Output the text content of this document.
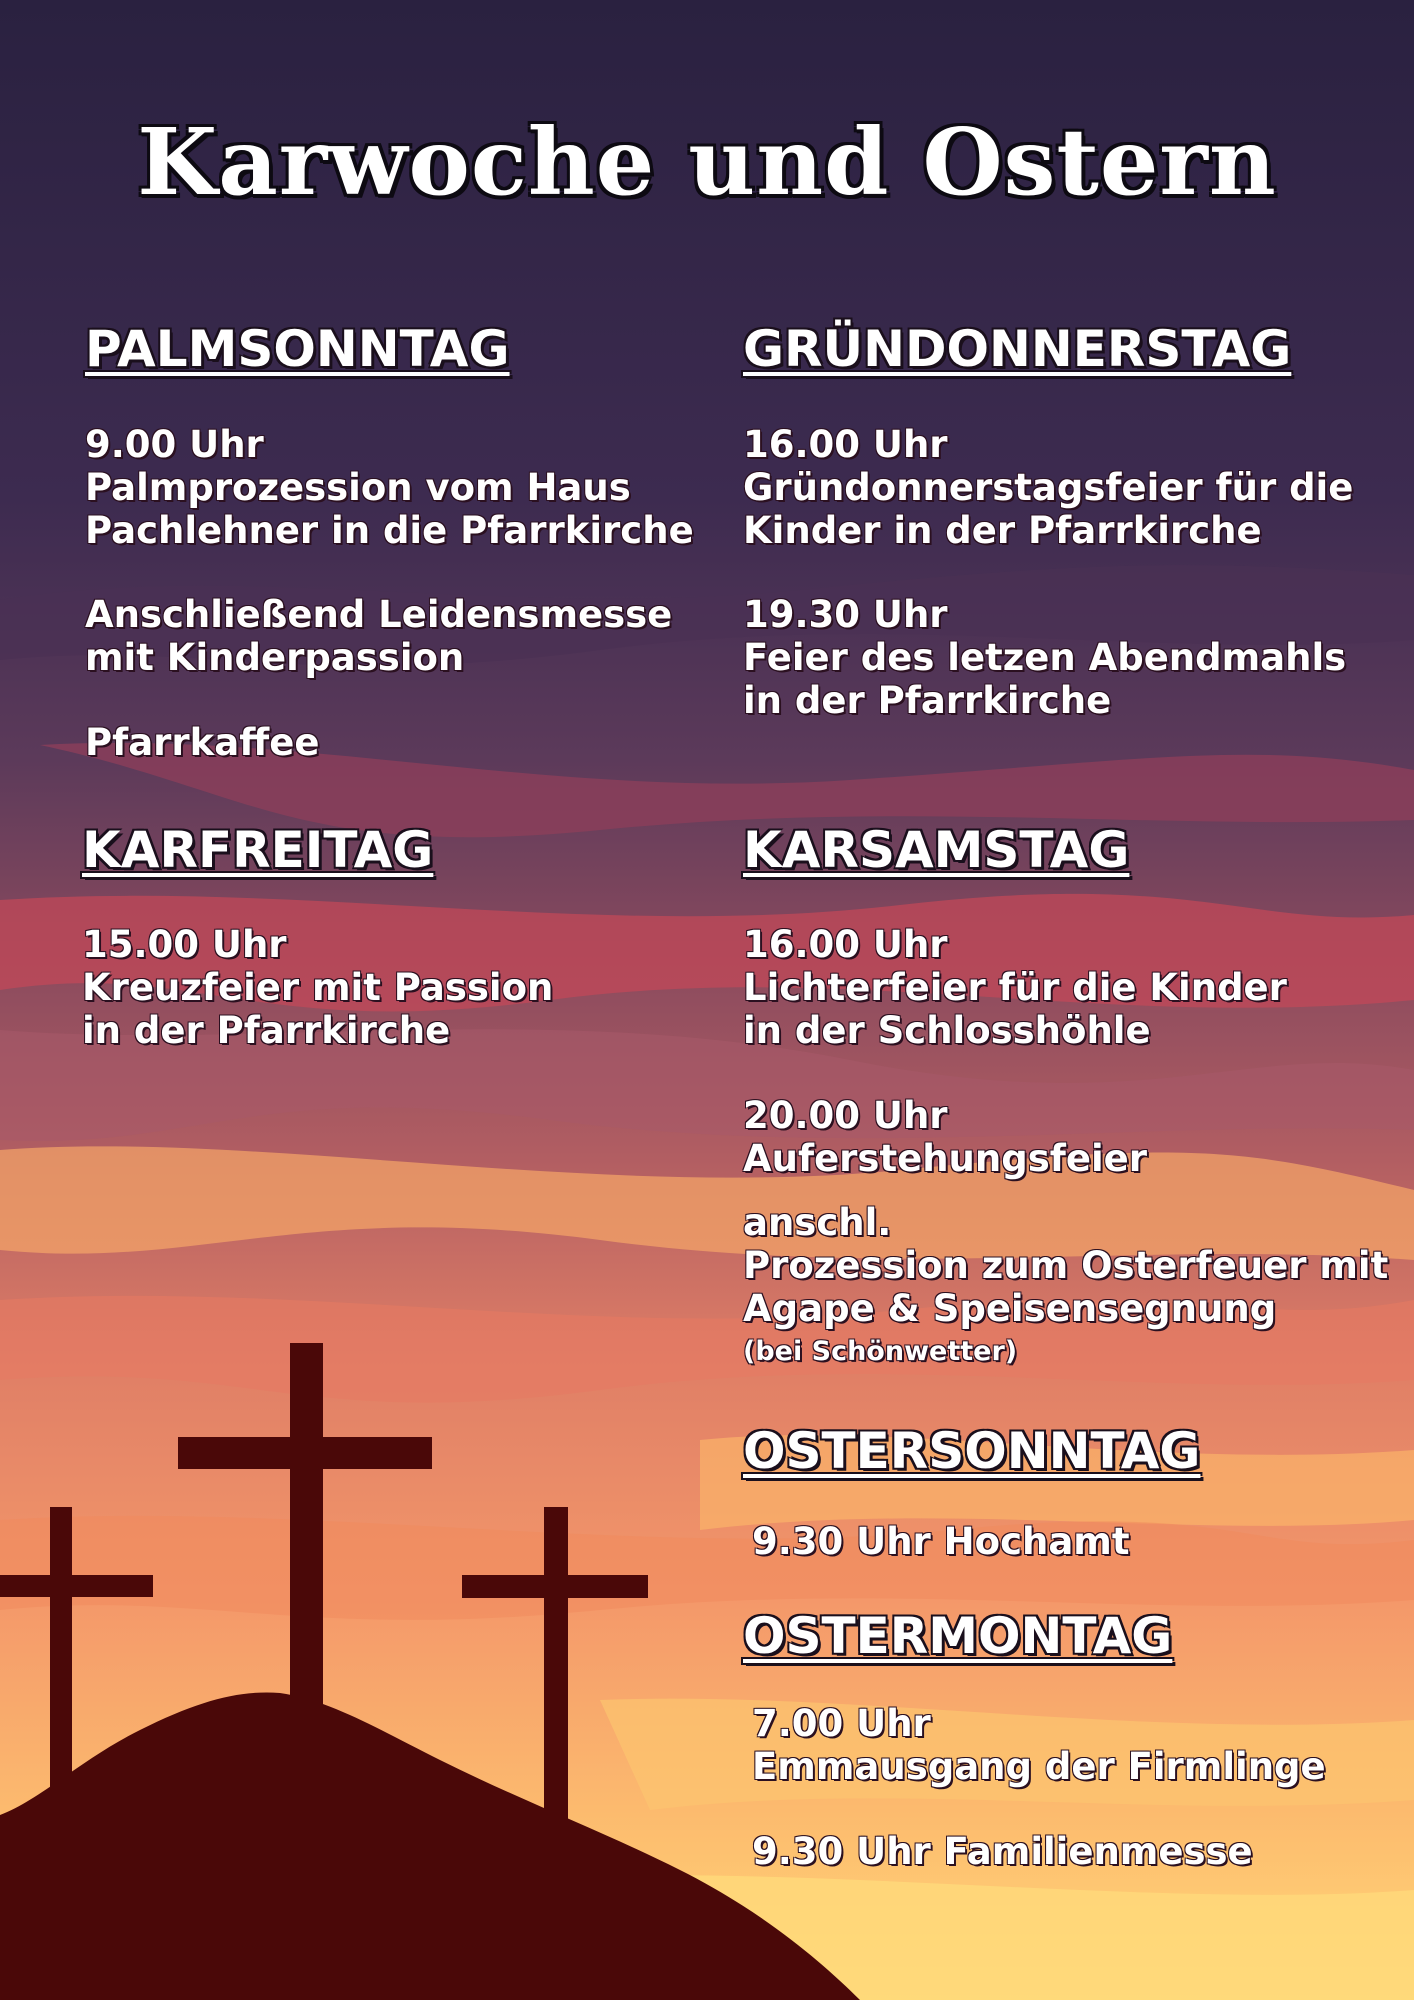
Karwoche und Ostern
PALMSONNTAG
9.00 Uhr
Palmprozession vom Haus
Pachlehner in die Pfarrkirche
Anschließend Leidensmesse
mit Kinderpassion
Pfarrkaffee
GRÜNDONNERSTAG
16.00 Uhr
Gründonnerstagsfeier für die
Kinder in der Pfarrkirche
19.30 Uhr
Feier des letzen Abendmahls
in der Pfarrkirche
KARFREITAG
15.00 Uhr
Kreuzfeier mit Passion
in der Pfarrkirche
KARSAMSTAG
16.00 Uhr
Lichterfeier für die Kinder
in der Schlosshöhle
20.00 Uhr
Auferstehungsfeier
anschl.
Prozession zum Osterfeuer mit
Agape & Speisensegnung
(bei Schönwetter)
OSTERSONNTAG
9.30 Uhr Hochamt
OSTERMONTAG
7.00 Uhr
Emmausgang der Firmlinge
9.30 Uhr Familienmesse
